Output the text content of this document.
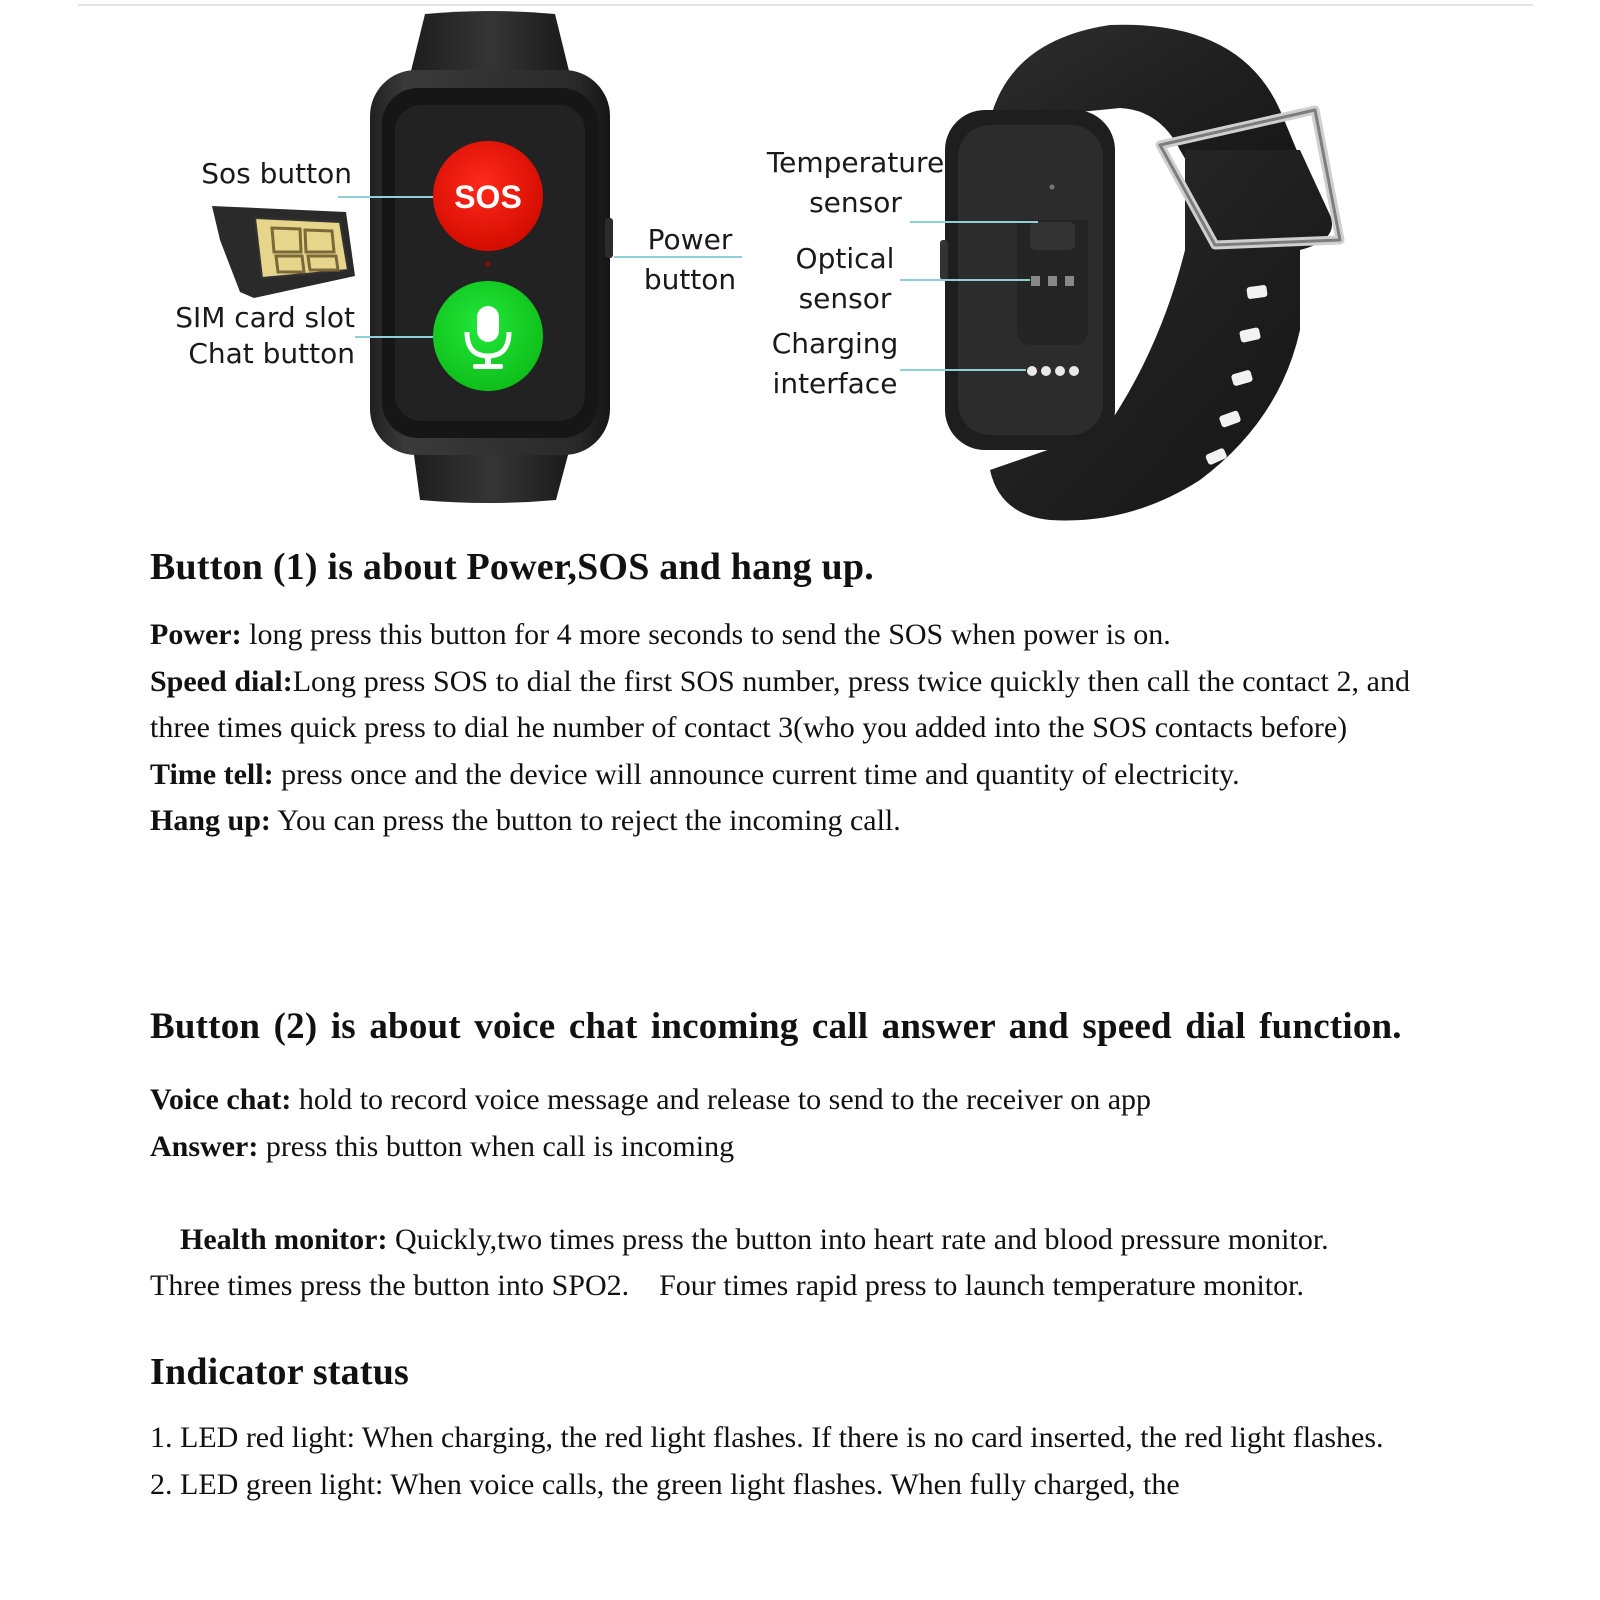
SOS
Sos button
SIM card slot
Chat button
Power
button
Temperature
sensor
Optical
sensor
Charging
interface
Button (1) is about Power,SOS and hang up.

Power: long press this button for 4 more seconds to send the SOS when power is on.

Speed dial:Long press SOS to dial the first SOS number, press twice quickly then call the contact 2, and three times quick press to dial he number of contact 3(who you added into the SOS contacts before)

Time tell: press once and the device will announce current time and quantity of electricity.

Hang up: You can press the button to reject the incoming call.

Button (2) is about voice chat incoming call answer and speed dial function.

Voice chat: hold to record voice message and release to send to the receiver on app

Answer: press this button when call is incoming

Health monitor: Quickly,two times press the button into heart rate and blood pressure monitor. Three times press the button into SPO2.    Four times rapid press to launch temperature monitor.

Indicator status

1. LED red light: When charging, the red light flashes. If there is no card inserted, the red light flashes.

2. LED green light: When voice calls, the green light flashes. When fully charged, the
